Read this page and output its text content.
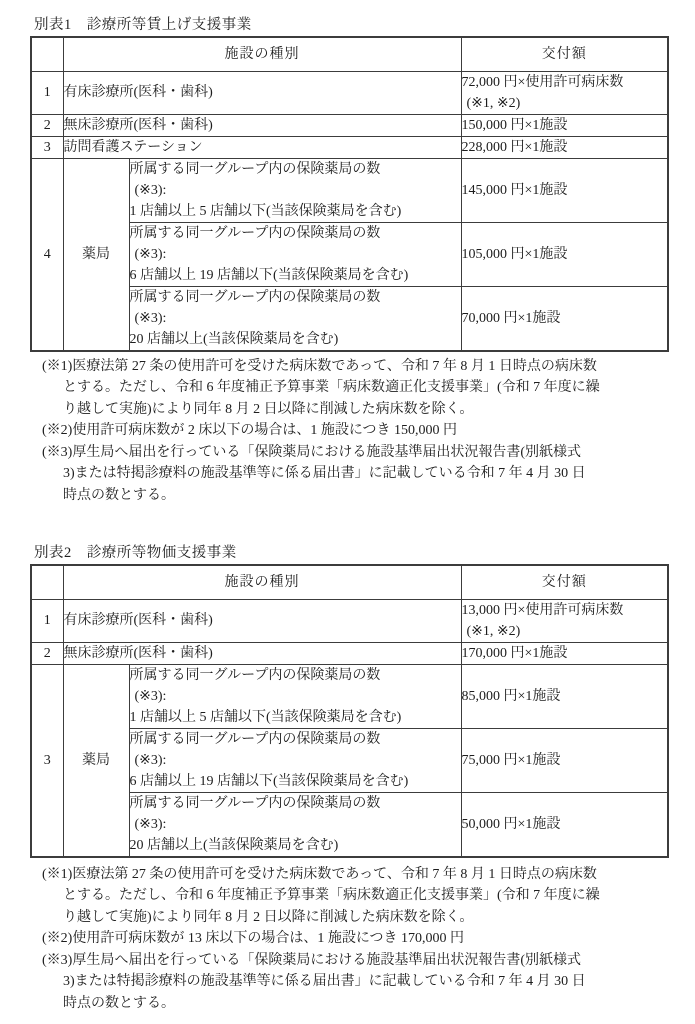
別表1　診療所等賃上げ支援事業
	施設の種別		交付額
1	有床診療所(医科・歯科)		72,000 円×使用許可病床数
(※1, ※2)

2	無床診療所(医科・歯科)		150,000 円×1施設
3	訪問看護ステーション		228,000 円×1施設
4	薬局	所属する同一グループ内の保険薬局の数
(※3):
1 店舗以上 5 店舗以下(当該保険薬局を含む)	145,000 円×1施設

		所属する同一グループ内の保険薬局の数
(※3):
6 店舗以上 19 店舗以下(当該保険薬局を含む)	105,000 円×1施設

		所属する同一グループ内の保険薬局の数
(※3):
20 店舗以上(当該保険薬局を含む)	70,000 円×1施設
(※1)医療法第 27 条の使用許可を受けた病床数であって、令和 7 年 8 月 1 日時点の病床数
とする。ただし、令和 6 年度補正予算事業「病床数適正化支援事業」(令和 7 年度に繰
り越して実施)により同年 8 月 2 日以降に削減した病床数を除く。
(※2)使用許可病床数が 2 床以下の場合は、1 施設につき 150,000 円
(※3)厚生局へ届出を行っている「保険薬局における施設基準届出状況報告書(別紙様式
3)または特掲診療料の施設基準等に係る届出書」に記載している令和 7 年 4 月 30 日
時点の数とする。
別表2　診療所等物価支援事業
	施設の種別		交付額
1	有床診療所(医科・歯科)		13,000 円×使用許可病床数
(※1, ※2)

2	無床診療所(医科・歯科)		170,000 円×1施設
3	薬局	所属する同一グループ内の保険薬局の数
(※3):
1 店舗以上 5 店舗以下(当該保険薬局を含む)	85,000 円×1施設

		所属する同一グループ内の保険薬局の数
(※3):
6 店舗以上 19 店舗以下(当該保険薬局を含む)	75,000 円×1施設

		所属する同一グループ内の保険薬局の数
(※3):
20 店舗以上(当該保険薬局を含む)	50,000 円×1施設
(※1)医療法第 27 条の使用許可を受けた病床数であって、令和 7 年 8 月 1 日時点の病床数
とする。ただし、令和 6 年度補正予算事業「病床数適正化支援事業」(令和 7 年度に繰
り越して実施)により同年 8 月 2 日以降に削減した病床数を除く。
(※2)使用許可病床数が 13 床以下の場合は、1 施設につき 170,000 円
(※3)厚生局へ届出を行っている「保険薬局における施設基準届出状況報告書(別紙様式
3)または特掲診療料の施設基準等に係る届出書」に記載している令和 7 年 4 月 30 日
時点の数とする。
